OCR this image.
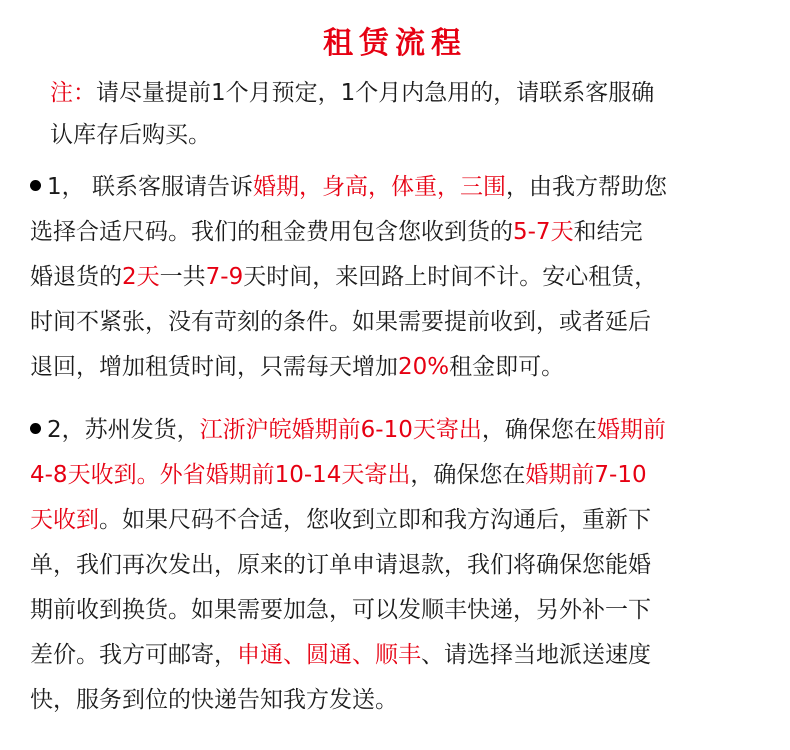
租赁流程
注：请尽量提前1个月预定，1个月内急用的，请联系客服确
认库存后购买。
1， 联系客服请告诉婚期，身高，体重，三围，由我方帮助您
选择合适尺码。我们的租金费用包含您收到货的5-7天和结完
婚退货的2天一共7-9天时间，来回路上时间不计。安心租赁，
时间不紧张，没有苛刻的条件。如果需要提前收到，或者延后
退回，增加租赁时间，只需每天增加20%租金即可。
2，苏州发货，江浙沪皖婚期前6-10天寄出，确保您在婚期前
4-8天收到。外省婚期前10-14天寄出，确保您在婚期前7-10
天收到。如果尺码不合适，您收到立即和我方沟通后，重新下
单，我们再次发出，原来的订单申请退款，我们将确保您能婚
期前收到换货。如果需要加急，可以发顺丰快递，另外补一下
差价。我方可邮寄，申通、圆通、顺丰、请选择当地派送速度
快，服务到位的快递告知我方发送。
